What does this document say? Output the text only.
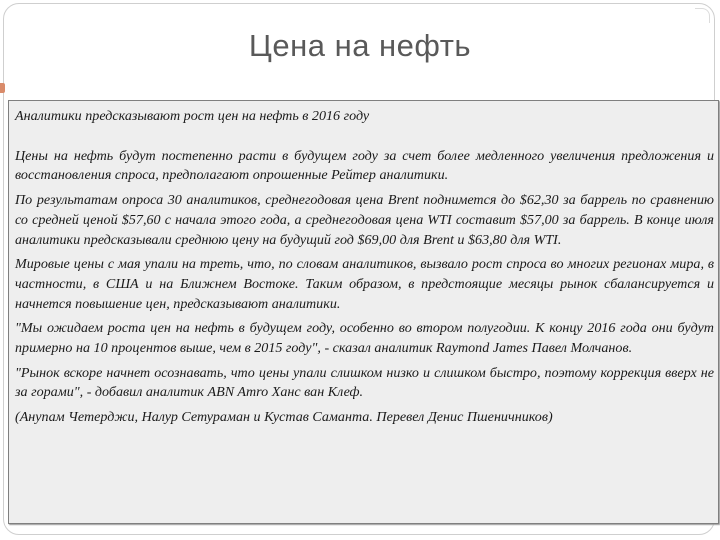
Цена на нефть

Аналитики предсказывают рост цен на нефть в 2016 году

Цены на нефть будут постепенно расти в будущем году за счет более медленного увеличения предложения и восстановления спроса, предполагают опрошенные Рейтер аналитики.

По результатам опроса 30 аналитиков, среднегодовая цена Brent поднимется до $62,30 за баррель по сравнению со средней ценой $57,60 с начала этого года, а среднегодовая цена WTI составит $57,00 за баррель. В конце июля аналитики предсказывали среднюю цену на будущий год $69,00 для Brent и $63,80 для WTI.

Мировые цены с мая упали на треть, что, по словам аналитиков, вызвало рост спроса во многих регионах мира, в частности, в США и на Ближнем Востоке. Таким образом, в предстоящие месяцы рынок сбалансируется и начнется повышение цен, предсказывают аналитики.

"Мы ожидаем роста цен на нефть в будущем году, особенно во втором полугодии. К концу 2016 года они будут примерно на 10 процентов выше, чем в 2015 году", - сказал аналитик Raymond James Павел Молчанов.

"Рынок вскоре начнет осознавать, что цены упали слишком низко и слишком быстро, поэтому коррекция вверх не за горами", - добавил аналитик ABN Amro Ханс ван Клеф.

(Анупам Четерджи, Налур Сетураман и Кустав Саманта. Перевел Денис Пшеничников)
